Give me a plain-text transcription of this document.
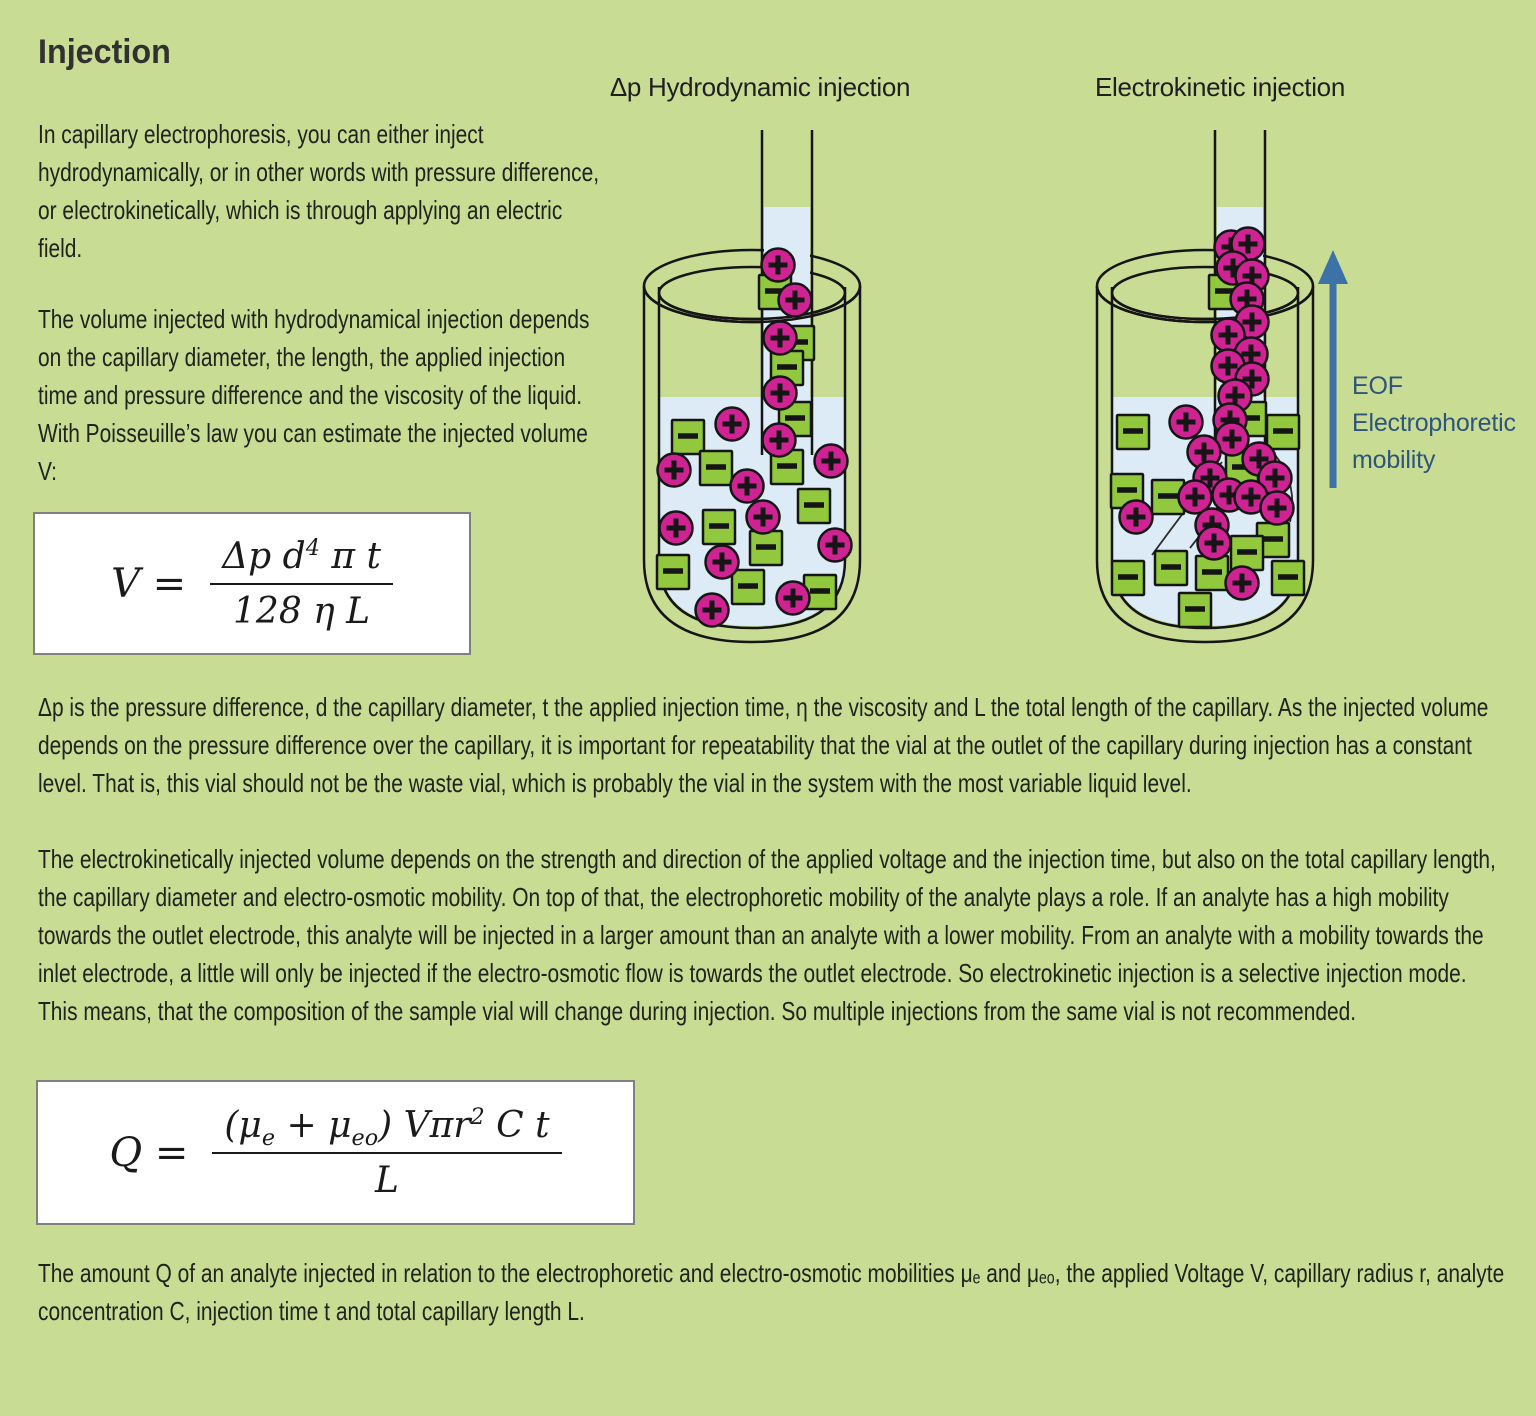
Injection
In capillary electrophoresis, you can either inject hydrodynamically, or in other words with pressure difference, or electrokinetically, which is through applying an electric field.
The volume injected with hydrodynamical injection depends on the capillary diameter, the length, the applied injection time and pressure difference and the viscosity of the liquid. With Poisseuille’s law you can estimate the injected volume V:
$V = \frac{\Delta p d^4 \pi t}{\text{128 η L}}$
Δp Hydrodynamic injection	Electrokinetic injection
EOF
Electrophoretic
mobility
Δp is the pressure difference, d the capillary diameter, t the applied injection time, η the viscosity and L the total length of the capillary. As the injected volume depends on the pressure difference over the capillary, it is important for repeatability that the vial at the outlet of the capillary during injection has a constant level. That is, this vial should not be the waste vial, which is probably the vial in the system with the most variable liquid level.
The electrokinetically injected volume depends on the strength and direction of the applied voltage and the injection time, but also on the total capillary length, the capillary diameter and electro-osmotic mobility. On top of that, the electrophoretic mobility of the analyte plays a role. If an analyte has a high mobility towards the outlet electrode, this analyte will be injected in a larger amount than an analyte with a lower mobility. From an analyte with a mobility towards the inlet electrode, a little will only be injected if the electro-osmotic flow is towards the outlet electrode. So electrokinetic injection is a selective injection mode. This means, that the composition of the sample vial will change during injection. So multiple injections from the same vial is not recommended.
$Q = \frac{(\mu_e + \mu_{eo}) V\pi r^2 C t}{L}$
The amount Q of an analyte injected in relation to the electrophoretic and electro-osmotic mobilities μₑ and μₑₒ, the applied Voltage V, capillary radius r, analyte concentration C, injection time t and total capillary length L.
